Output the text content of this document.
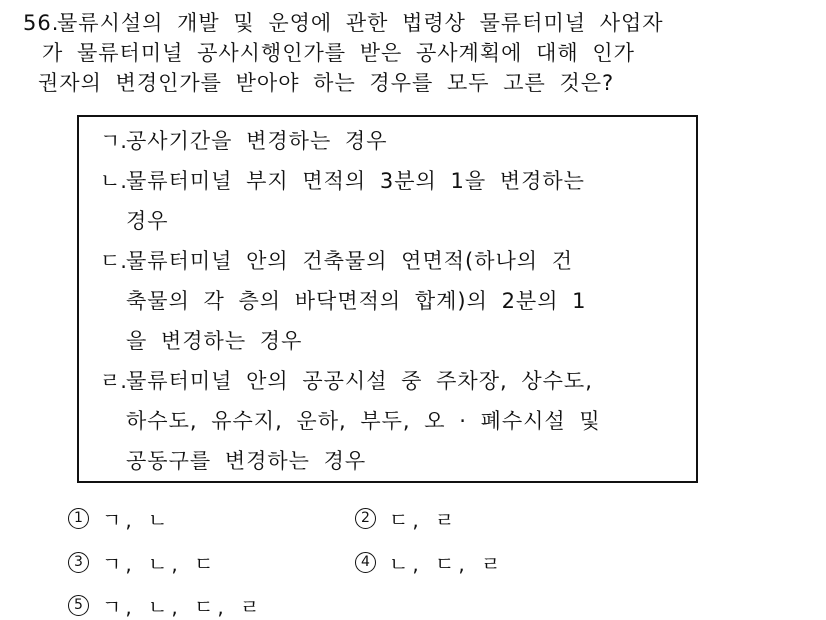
56.
물류시설의 개발 및 운영에 관한 법령상 물류터미널 사업자
가 물류터미널 공사시행인가를 받은 공사계획에 대해 인가
권자의 변경인가를 받아야 하는 경우를 모두 고른 것은?
ㄱ. 공사기간을 변경하는 경우
ㄴ. 물류터미널 부지 면적의 3분의 1을 변경하는
경우
ㄷ. 물류터미널 안의 건축물의 연면적(하나의 건
축물의 각 층의 바닥면적의 합계)의 2분의 1
을 변경하는 경우
ㄹ. 물류터미널 안의 공공시설 중 주차장, 상수도,
하수도, 유수지, 운하, 부두, 오 · 폐수시설 및
공동구를 변경하는 경우
1 ㄱ, ㄴ	2 ㄷ, ㄹ
3 ㄱ, ㄴ, ㄷ	4 ㄴ, ㄷ, ㄹ
5 ㄱ, ㄴ, ㄷ, ㄹ
